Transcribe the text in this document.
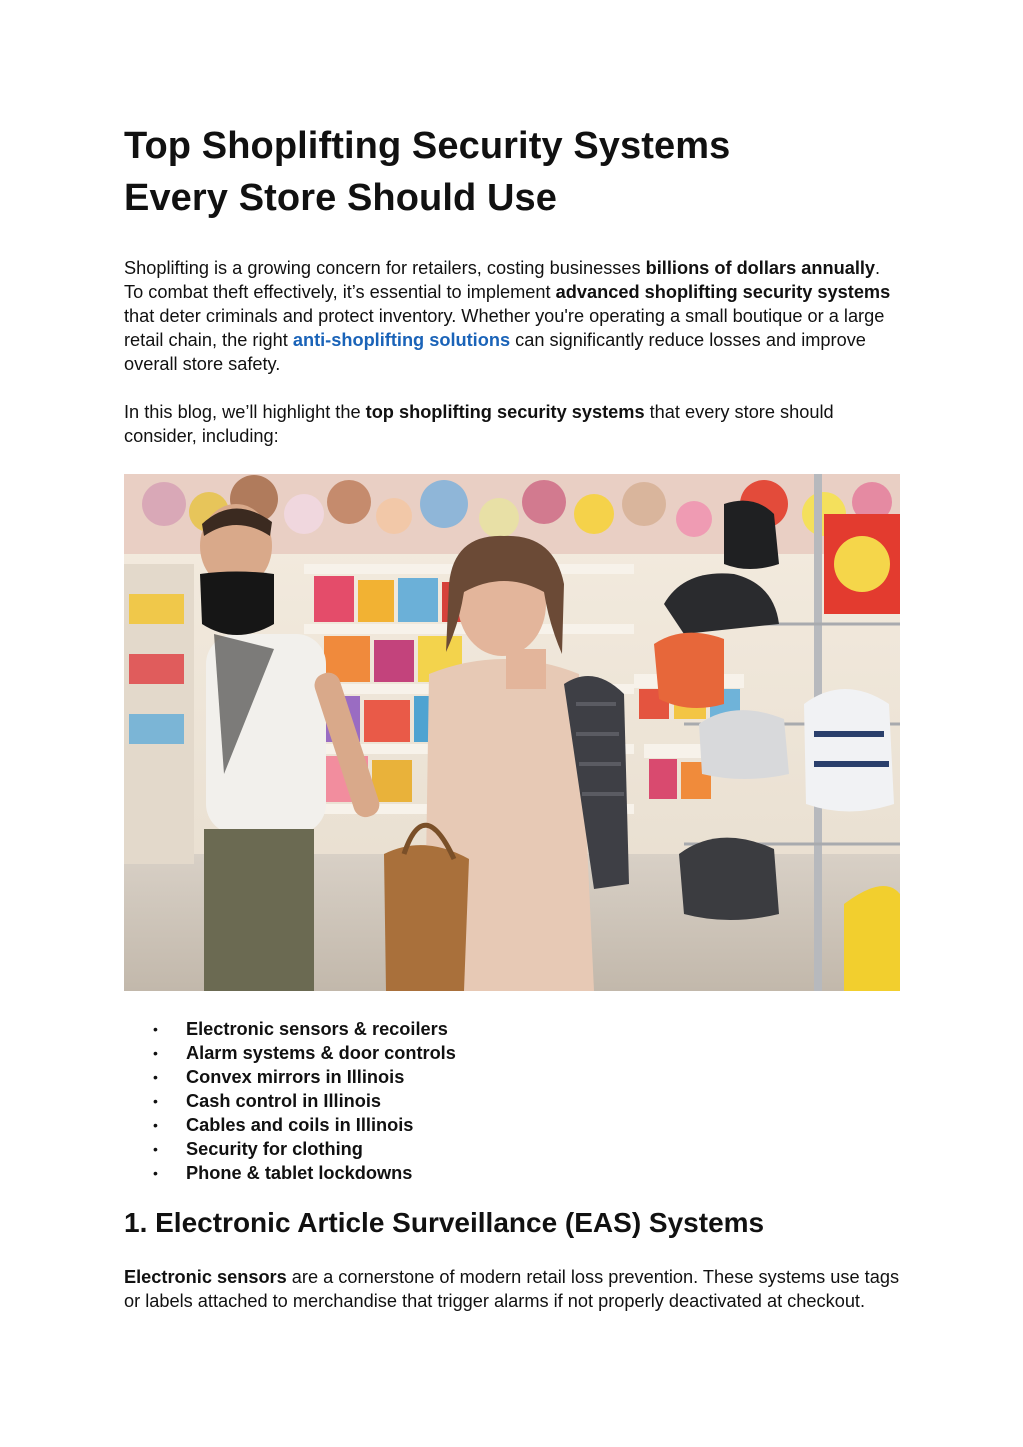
Top Shoplifting Security Systems
Every Store Should Use

Shoplifting is a growing concern for retailers, costing businesses billions of dollars annually. To combat theft effectively, it’s essential to implement advanced shoplifting security systems that deter criminals and protect inventory. Whether you're operating a small boutique or a large retail chain, the right anti-shoplifting solutions can significantly reduce losses and improve overall store safety.

In this blog, we’ll highlight the top shoplifting security systems that every store should consider, including:

• Electronic sensors & recoilers
• Alarm systems & door controls
• Convex mirrors in Illinois
• Cash control in Illinois
• Cables and coils in Illinois
• Security for clothing
• Phone & tablet lockdowns
1. Electronic Article Surveillance (EAS) Systems

Electronic sensors are a cornerstone of modern retail loss prevention. These systems use tags or labels attached to merchandise that trigger alarms if not properly deactivated at checkout.
